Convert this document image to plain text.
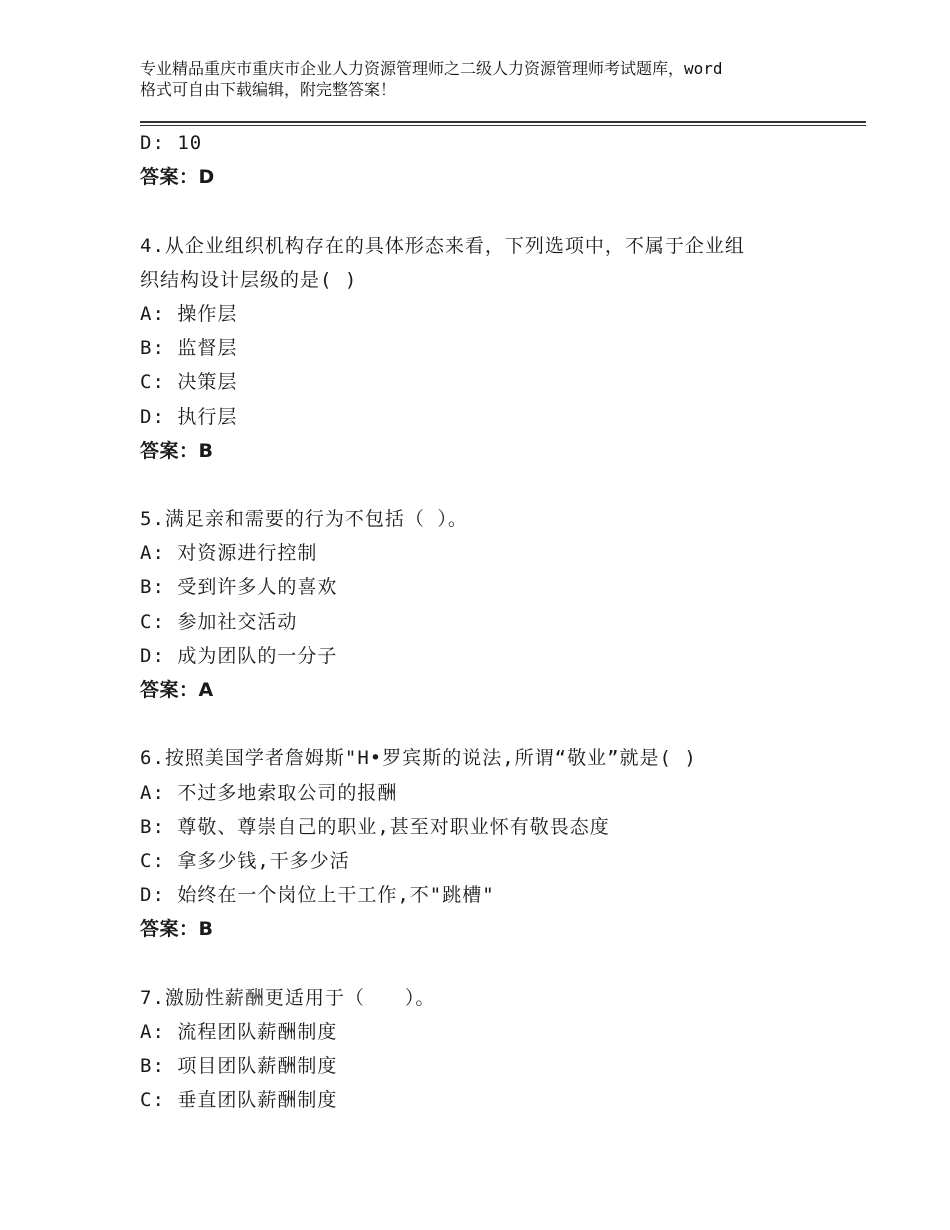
专业精品重庆市重庆市企业人力资源管理师之二级人力资源管理师考试题库，word
格式可自由下载编辑，附完整答案！
D: 10
答案：D
4.从企业组织机构存在的具体形态来看，下列选项中，不属于企业组
织结构设计层级的是( )
A: 操作层
B: 监督层
C: 决策层
D: 执行层
答案：B
5.满足亲和需要的行为不包括（ ）。
A: 对资源进行控制
B: 受到许多人的喜欢
C: 参加社交活动
D: 成为团队的一分子
答案：A
6.按照美国学者詹姆斯"H•罗宾斯的说法,所谓“敬业”就是( )
A: 不过多地索取公司的报酬
B: 尊敬、尊崇自己的职业,甚至对职业怀有敬畏态度
C: 拿多少钱,干多少活
D: 始终在一个岗位上干工作,不"跳槽"
答案：B
7.激励性薪酬更适用于（　　）。
A: 流程团队薪酬制度
B: 项目团队薪酬制度
C: 垂直团队薪酬制度
